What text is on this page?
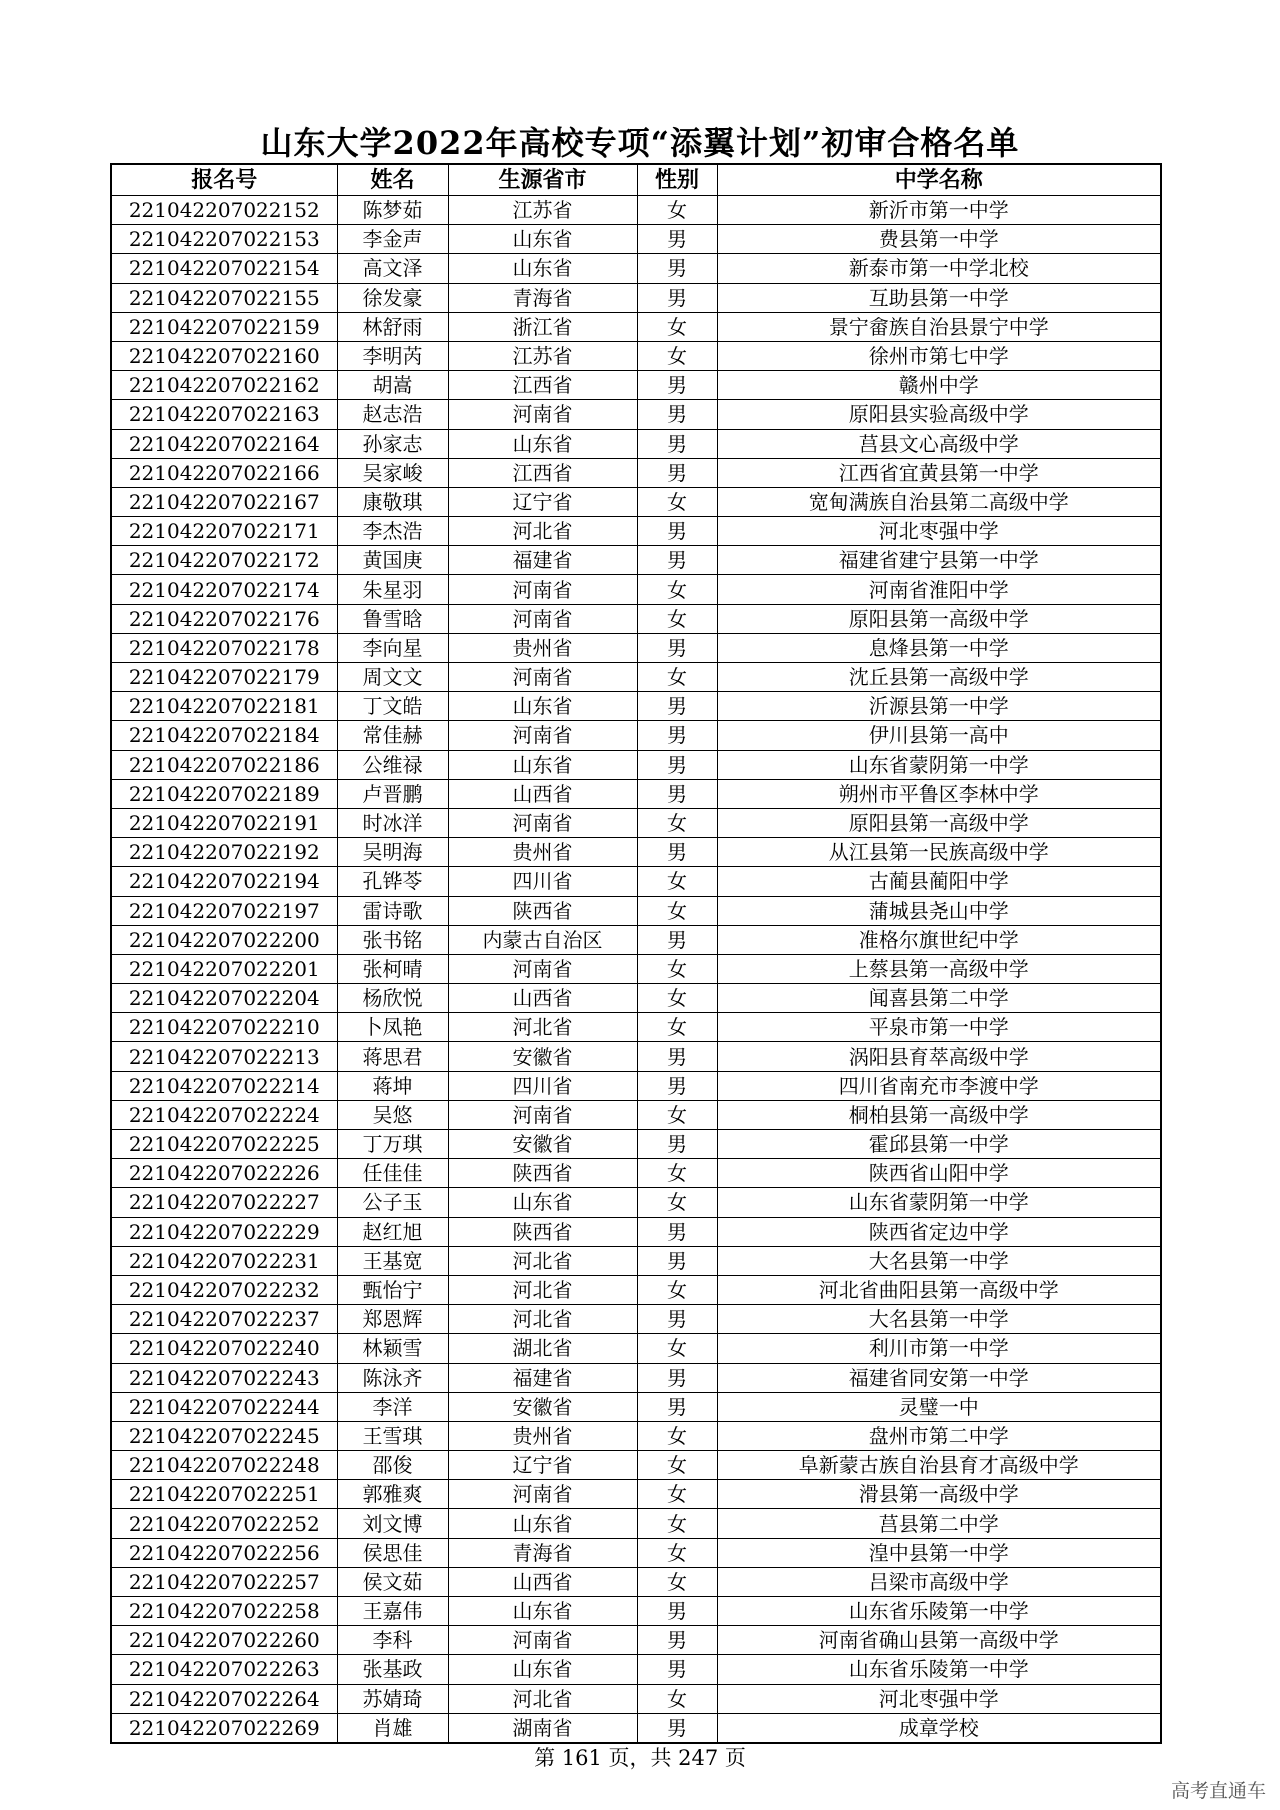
山东大学2022年高校专项“添翼计划”初审合格名单
报名号	姓名	生源省市	性别	中学名称
221042207022152	陈梦茹	江苏省	女	新沂市第一中学
221042207022153	李金声	山东省	男	费县第一中学
221042207022154	高文泽	山东省	男	新泰市第一中学北校
221042207022155	徐发豪	青海省	男	互助县第一中学
221042207022159	林舒雨	浙江省	女	景宁畲族自治县景宁中学
221042207022160	李明芮	江苏省	女	徐州市第七中学
221042207022162	胡嵩	江西省	男	赣州中学
221042207022163	赵志浩	河南省	男	原阳县实验高级中学
221042207022164	孙家志	山东省	男	莒县文心高级中学
221042207022166	吴家峻	江西省	男	江西省宜黄县第一中学
221042207022167	康敬琪	辽宁省	女	宽甸满族自治县第二高级中学
221042207022171	李杰浩	河北省	男	河北枣强中学
221042207022172	黄国庚	福建省	男	福建省建宁县第一中学
221042207022174	朱星羽	河南省	女	河南省淮阳中学
221042207022176	鲁雪晗	河南省	女	原阳县第一高级中学
221042207022178	李向星	贵州省	男	息烽县第一中学
221042207022179	周文文	河南省	女	沈丘县第一高级中学
221042207022181	丁文皓	山东省	男	沂源县第一中学
221042207022184	常佳赫	河南省	男	伊川县第一高中
221042207022186	公维禄	山东省	男	山东省蒙阴第一中学
221042207022189	卢晋鹏	山西省	男	朔州市平鲁区李林中学
221042207022191	时冰洋	河南省	女	原阳县第一高级中学
221042207022192	吴明海	贵州省	男	从江县第一民族高级中学
221042207022194	孔铧苓	四川省	女	古蔺县蔺阳中学
221042207022197	雷诗歌	陕西省	女	蒲城县尧山中学
221042207022200	张书铭	内蒙古自治区	男	准格尔旗世纪中学
221042207022201	张柯晴	河南省	女	上蔡县第一高级中学
221042207022204	杨欣悦	山西省	女	闻喜县第二中学
221042207022210	卜凤艳	河北省	女	平泉市第一中学
221042207022213	蒋思君	安徽省	男	涡阳县育萃高级中学
221042207022214	蒋坤	四川省	男	四川省南充市李渡中学
221042207022224	吴悠	河南省	女	桐柏县第一高级中学
221042207022225	丁万琪	安徽省	男	霍邱县第一中学
221042207022226	任佳佳	陕西省	女	陕西省山阳中学
221042207022227	公子玉	山东省	女	山东省蒙阴第一中学
221042207022229	赵红旭	陕西省	男	陕西省定边中学
221042207022231	王基宽	河北省	男	大名县第一中学
221042207022232	甄怡宁	河北省	女	河北省曲阳县第一高级中学
221042207022237	郑恩辉	河北省	男	大名县第一中学
221042207022240	林颖雪	湖北省	女	利川市第一中学
221042207022243	陈泳齐	福建省	男	福建省同安第一中学
221042207022244	李洋	安徽省	男	灵璧一中
221042207022245	王雪琪	贵州省	女	盘州市第二中学
221042207022248	邵俊	辽宁省	女	阜新蒙古族自治县育才高级中学
221042207022251	郭雅爽	河南省	女	滑县第一高级中学
221042207022252	刘文博	山东省	女	莒县第二中学
221042207022256	侯思佳	青海省	女	湟中县第一中学
221042207022257	侯文茹	山西省	女	吕梁市高级中学
221042207022258	王嘉伟	山东省	男	山东省乐陵第一中学
221042207022260	李科	河南省	男	河南省确山县第一高级中学
221042207022263	张基政	山东省	男	山东省乐陵第一中学
221042207022264	苏婧琦	河北省	女	河北枣强中学
221042207022269	肖雄	湖南省	男	成章学校
第 161 页，共 247 页
高考直通车
